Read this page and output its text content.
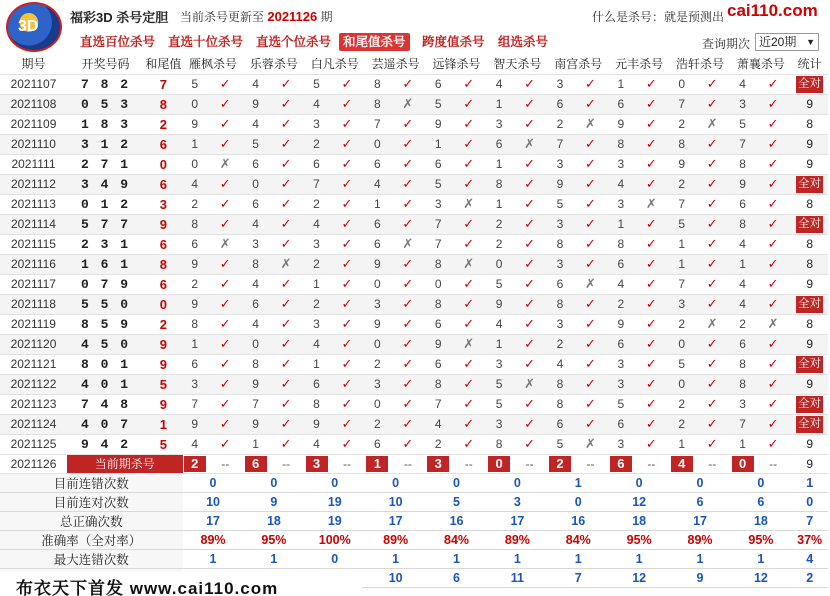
3D
福彩3D 杀号定胆 当前杀号更新至 2021126 期	什么是杀号：就是预测出 cai110.com
直选百位杀号	直选十位杀号	直选个位杀号 和尾值杀号	跨度值杀号	组选杀号	查询期次 近20期 ▼
期号	开奖号码	和尾值	雁枫杀号		乐蓉杀号		白凡杀号		芸遥杀号		远锋杀号		智天杀号		南宫杀号		元丰杀号		浩轩杀号		萧襄杀号		统计
2021107	7 8 2	7	5	✓	4	✓	5	✓	8	✓	6	✓	4	✓	3	✓	1	✓	0	✓	4	✓	全对
2021108	0 5 3	8	0	✓	9	✓	4	✓	8	✗	5	✓	1	✓	6	✓	6	✓	7	✓	3	✓	9
2021109	1 8 3	2	9	✓	4	✓	3	✓	7	✓	9	✓	3	✓	2	✗	9	✓	2	✗	5	✓	8
2021110	3 1 2	6	1	✓	5	✓	2	✓	0	✓	1	✓	6	✗	7	✓	8	✓	8	✓	7	✓	9
2021111	2 7 1	0	0	✗	6	✓	6	✓	6	✓	6	✓	1	✓	3	✓	3	✓	9	✓	8	✓	9
2021112	3 4 9	6	4	✓	0	✓	7	✓	4	✓	5	✓	8	✓	9	✓	4	✓	2	✓	9	✓	全对
2021113	0 1 2	3	2	✓	6	✓	2	✓	1	✓	3	✗	1	✓	5	✓	3	✗	7	✓	6	✓	8
2021114	5 7 7	9	8	✓	4	✓	4	✓	6	✓	7	✓	2	✓	3	✓	1	✓	5	✓	8	✓	全对
2021115	2 3 1	6	6	✗	3	✓	3	✓	6	✗	7	✓	2	✓	8	✓	8	✓	1	✓	4	✓	8
2021116	1 6 1	8	9	✓	8	✗	2	✓	9	✓	8	✗	0	✓	3	✓	6	✓	1	✓	1	✓	8
2021117	0 7 9	6	2	✓	4	✓	1	✓	0	✓	0	✓	5	✓	6	✗	4	✓	7	✓	4	✓	9
2021118	5 5 0	0	9	✓	6	✓	2	✓	3	✓	8	✓	9	✓	8	✓	2	✓	3	✓	4	✓	全对
2021119	8 5 9	2	8	✓	4	✓	3	✓	9	✓	6	✓	4	✓	3	✓	9	✓	2	✗	2	✗	8
2021120	4 5 0	9	1	✓	0	✓	4	✓	0	✓	9	✗	1	✓	2	✓	6	✓	0	✓	6	✓	9
2021121	8 0 1	9	6	✓	8	✓	1	✓	2	✓	6	✓	3	✓	4	✓	3	✓	5	✓	8	✓	全对
2021122	4 0 1	5	3	✓	9	✓	6	✓	3	✓	8	✓	5	✗	8	✓	3	✓	0	✓	8	✓	9
2021123	7 4 8	9	7	✓	7	✓	8	✓	0	✓	7	✓	5	✓	8	✓	5	✓	2	✓	3	✓	全对
2021124	4 0 7	1	9	✓	9	✓	9	✓	2	✓	4	✓	3	✓	6	✓	6	✓	2	✓	7	✓	全对
2021125	9 4 2	5	4	✓	1	✓	4	✓	6	✓	2	✓	8	✓	5	✗	3	✓	1	✓	1	✓	9
2021126	当前期杀号		2	--	6	--	3	--	1	--	3	--	0	--	2	--	6	--	4	--	0	--	9
目前连错次数			0		0		0		0		0		0		1		0		0		0		1
目前连对次数			10		9		19		10		5		3		0		12		6		6		0
总正确次数			17		18		19		17		16		17		16		18		17		18		7
准确率（全对率）			89%		95%		100%		89%		84%		89%		84%		95%		89%		95%		37%
最大连错次数			1		1		0		1		1		1		1		1		1		1		4
									10		6		11		7		12		9		12		2
布衣天下首发 www.cai110.com
